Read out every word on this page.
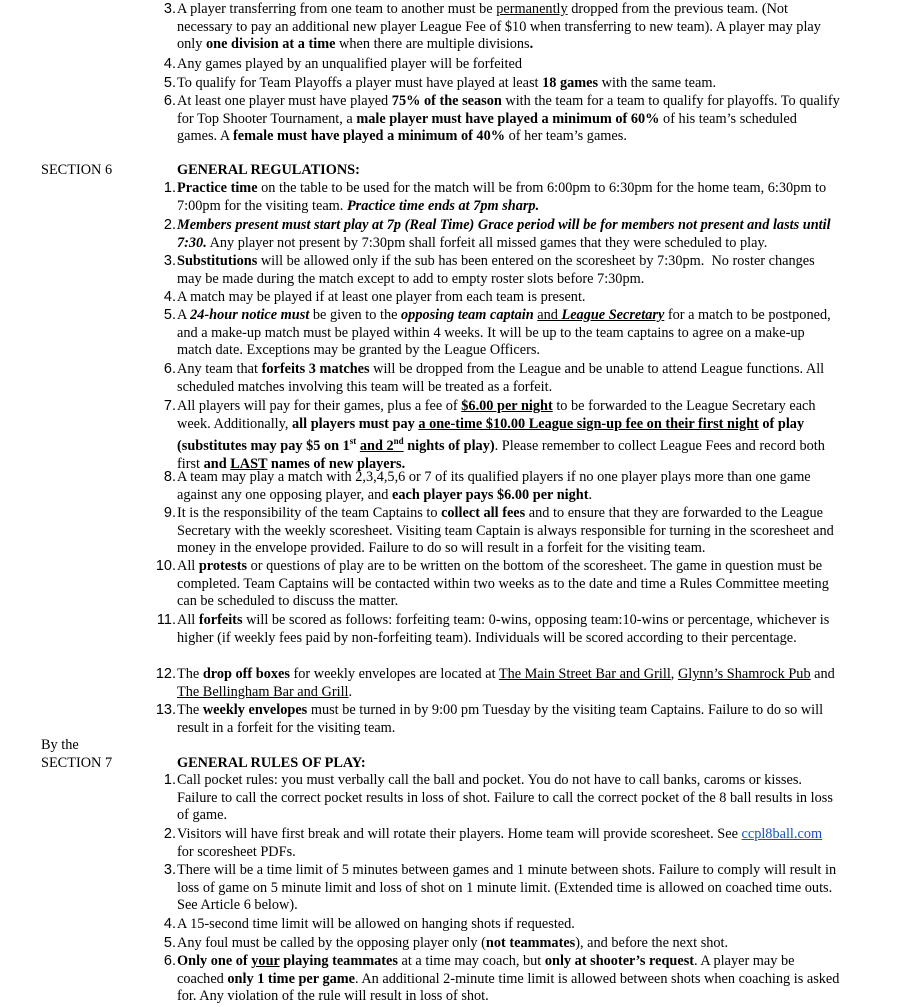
3. A player transferring from one team to another must be permanently dropped from the previous team. (Not necessary to pay an additional new player League Fee of $10 when transferring to new team). A player may play only one division at a time when there are multiple divisions.
4. Any games played by an unqualified player will be forfeited
5. To qualify for Team Playoffs a player must have played at least 18 games with the same team.
6. At least one player must have played 75% of the season with the team for a team to qualify for playoffs. To qualify for Top Shooter Tournament, a male player must have played a minimum of 60% of his team’s scheduled games. A female must have played a minimum of 40% of her team’s games.
SECTION 6	GENERAL REGULATIONS:
1. Practice time on the table to be used for the match will be from 6:00pm to 6:30pm for the home team, 6:30pm to 7:00pm for the visiting team. Practice time ends at 7pm sharp.
2. Members present must start play at 7p (Real Time) Grace period will be for members not present and lasts until 7:30. Any player not present by 7:30pm shall forfeit all missed games that they were scheduled to play.
3. Substitutions will be allowed only if the sub has been entered on the scoresheet by 7:30pm.  No roster changes may be made during the match except to add to empty roster slots before 7:30pm.
4. A match may be played if at least one player from each team is present.
5. A 24-hour notice must be given to the opposing team captain and League Secretary for a match to be postponed, and a make-up match must be played within 4 weeks. It will be up to the team captains to agree on a make-up match date. Exceptions may be granted by the League Officers.
6. Any team that forfeits 3 matches will be dropped from the League and be unable to attend League functions. All scheduled matches involving this team will be treated as a forfeit.
7. All players will pay for their games, plus a fee of $6.00 per night to be forwarded to the League Secretary each week. Additionally, all players must pay a one-time $10.00 League sign-up fee on their first night of play (substitutes may pay $5 on 1st and 2nd nights of play). Please remember to collect League Fees and record both first and LAST names of new players.
8. A team may play a match with 2,3,4,5,6 or 7 of its qualified players if no one player plays more than one game against any one opposing player, and each player pays $6.00 per night.
9. It is the responsibility of the team Captains to collect all fees and to ensure that they are forwarded to the League Secretary with the weekly scoresheet. Visiting team Captain is always responsible for turning in the scoresheet and money in the envelope provided. Failure to do so will result in a forfeit for the visiting team.
10. All protests or questions of play are to be written on the bottom of the scoresheet. The game in question must be completed. Team Captains will be contacted within two weeks as to the date and time a Rules Committee meeting can be scheduled to discuss the matter.
11. All forfeits will be scored as follows: forfeiting team: 0-wins, opposing team:10-wins or percentage, whichever is higher (if weekly fees paid by non-forfeiting team). Individuals will be scored according to their percentage.
12. The drop off boxes for weekly envelopes are located at The Main Street Bar and Grill, Glynn’s Shamrock Pub and The Bellingham Bar and Grill.
13. The weekly envelopes must be turned in by 9:00 pm Tuesday by the visiting team Captains. Failure to do so will result in a forfeit for the visiting team.
By the
SECTION 7	GENERAL RULES OF PLAY:
1. Call pocket rules: you must verbally call the ball and pocket. You do not have to call banks, caroms or kisses. Failure to call the correct pocket results in loss of shot. Failure to call the correct pocket of the 8 ball results in loss of game.
2. Visitors will have first break and will rotate their players. Home team will provide scoresheet. See ccpl8ball.com for scoresheet PDFs.
3. There will be a time limit of 5 minutes between games and 1 minute between shots. Failure to comply will result in loss of game on 5 minute limit and loss of shot on 1 minute limit. (Extended time is allowed on coached time outs. See Article 6 below).
4. A 15-second time limit will be allowed on hanging shots if requested.
5. Any foul must be called by the opposing player only (not teammates), and before the next shot.
6. Only one of your playing teammates at a time may coach, but only at shooter’s request. A player may be coached only 1 time per game. An additional 2-minute time limit is allowed between shots when coaching is asked for. Any violation of the rule will result in loss of shot.
